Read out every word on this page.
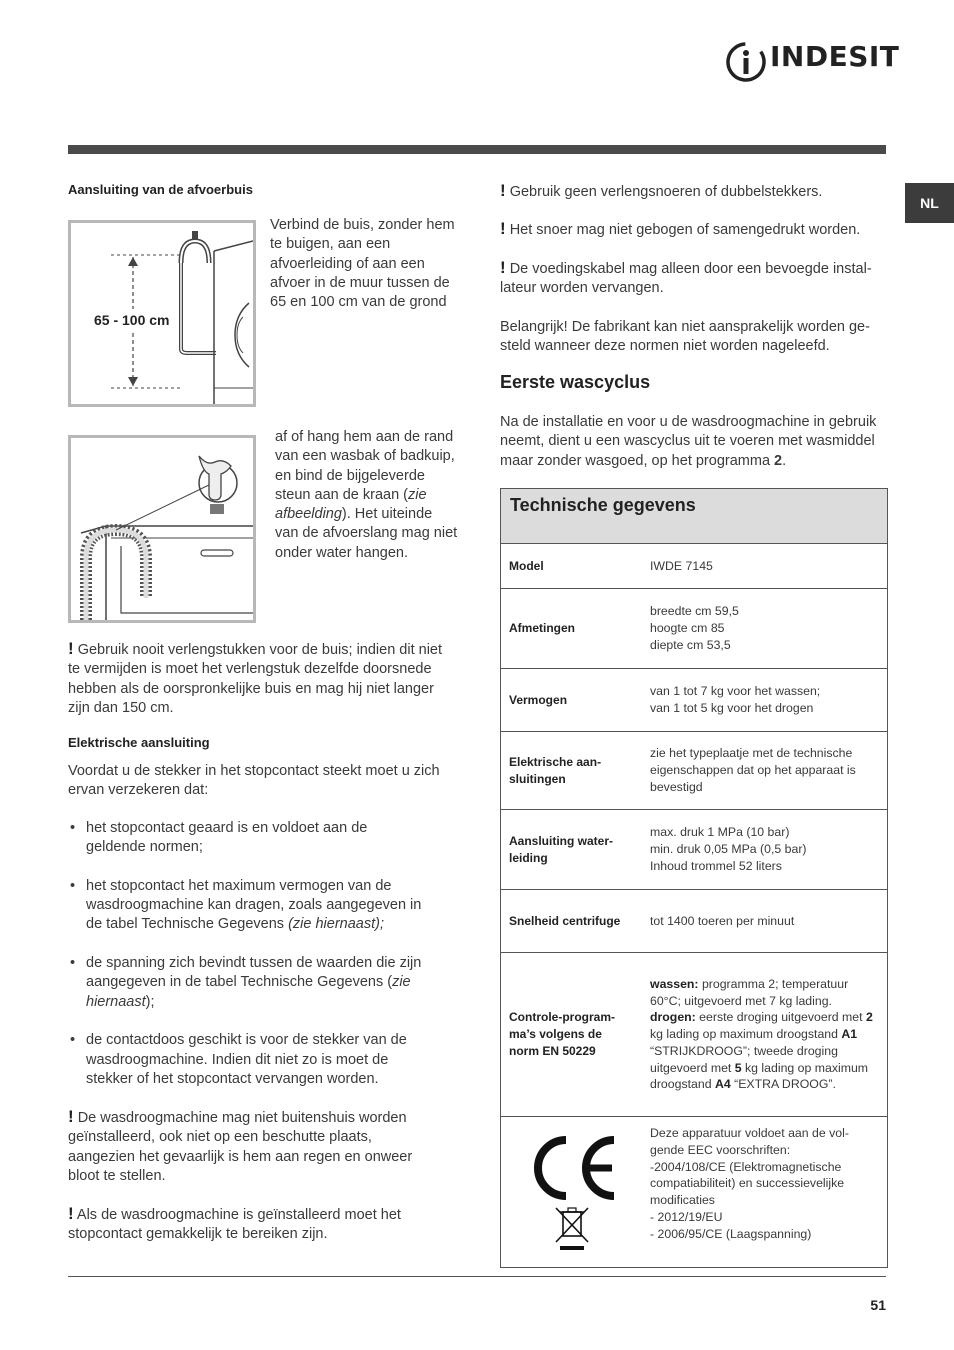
INDESIT
NL
Aansluiting van de afvoerbuis
65 - 100 cm
Verbind de buis, zonder hem te buigen, aan een afvoerleiding of aan een afvoer in de muur tussen de 65 en 100 cm van de grond
af of hang hem aan de rand van een wasbak of badkuip, en bind de bijgeleverde steun aan de kraan (zie afbeelding). Het uiteinde van de afvoerslang mag niet onder water hangen.
! Gebruik nooit verlengstukken voor de buis; indien dit niet te vermijden is moet het verlengstuk dezelfde doorsnede hebben als de oorspronkelijke buis en mag hij niet langer zijn dan 150 cm.
Elektrische aansluiting
Voordat u de stekker in het stopcontact steekt moet u zich ervan verzekeren dat:
• het stopcontact geaard is en voldoet aan de geldende normen;
• het stopcontact het maximum vermogen van de wasdroogmachine kan dragen, zoals aangegeven in de tabel Technische Gegevens (zie hiernaast);
• de spanning zich bevindt tussen de waarden die zijn aangegeven in de tabel Technische Gegevens (zie hiernaast);
• de contactdoos geschikt is voor de stekker van de wasdroogmachine. Indien dit niet zo is moet de stekker of het stopcontact vervangen worden.
! De wasdroogmachine mag niet buitenshuis worden geïnstalleerd, ook niet op een beschutte plaats, aangezien het gevaarlijk is hem aan regen en onweer bloot te stellen.
! Als de wasdroogmachine is geïnstalleerd moet het stopcontact gemakkelijk te bereiken zijn.
! Gebruik geen verlengsnoeren of dubbelstekkers.
! Het snoer mag niet gebogen of samengedrukt worden.
! De voedingskabel mag alleen door een bevoegde installateur worden vervangen.
Belangrijk! De fabrikant kan niet aansprakelijk worden gesteld wanneer deze normen niet worden nageleefd.
Eerste wascyclus
Na de installatie en voor u de wasdroogmachine in gebruik neemt, dient u een wascyclus uit te voeren met wasmiddel maar zonder wasgoed, op het programma 2.
Technische gegevens
Model	IWDE 7145
Afmetingen
breedte cm 59,5
hoogte cm 85
diepte cm 53,5
Vermogen
van 1 tot 7 kg voor het wassen;
van 1 tot 5 kg voor het drogen
Elektrische aansluitingen
zie het typeplaatje met de technische eigenschappen dat op het apparaat is bevestigd
Aansluiting waterleiding
max. druk 1 MPa (10 bar)
min. druk 0,05 MPa (0,5 bar)
Inhoud trommel 52 liters
Snelheid centrifuge	tot 1400 toeren per minuut
Controle-programma’s volgens de norm EN 50229
wassen: programma 2; temperatuur 60°C; uitgevoerd met 7 kg lading. drogen: eerste droging uitgevoerd met 2 kg lading op maximum droogstand A1 “STRIJKDROOG”; tweede droging uitgevoerd met 5 kg lading op maximum droogstand A4 “EXTRA DROOG”.
Deze apparatuur voldoet aan de volgende EEC voorschriften:
-2004/108/CE (Elektromagnetische compatiabiliteit) en successievelijke modificaties
- 2012/19/EU
- 2006/95/CE (Laagspanning)
51
